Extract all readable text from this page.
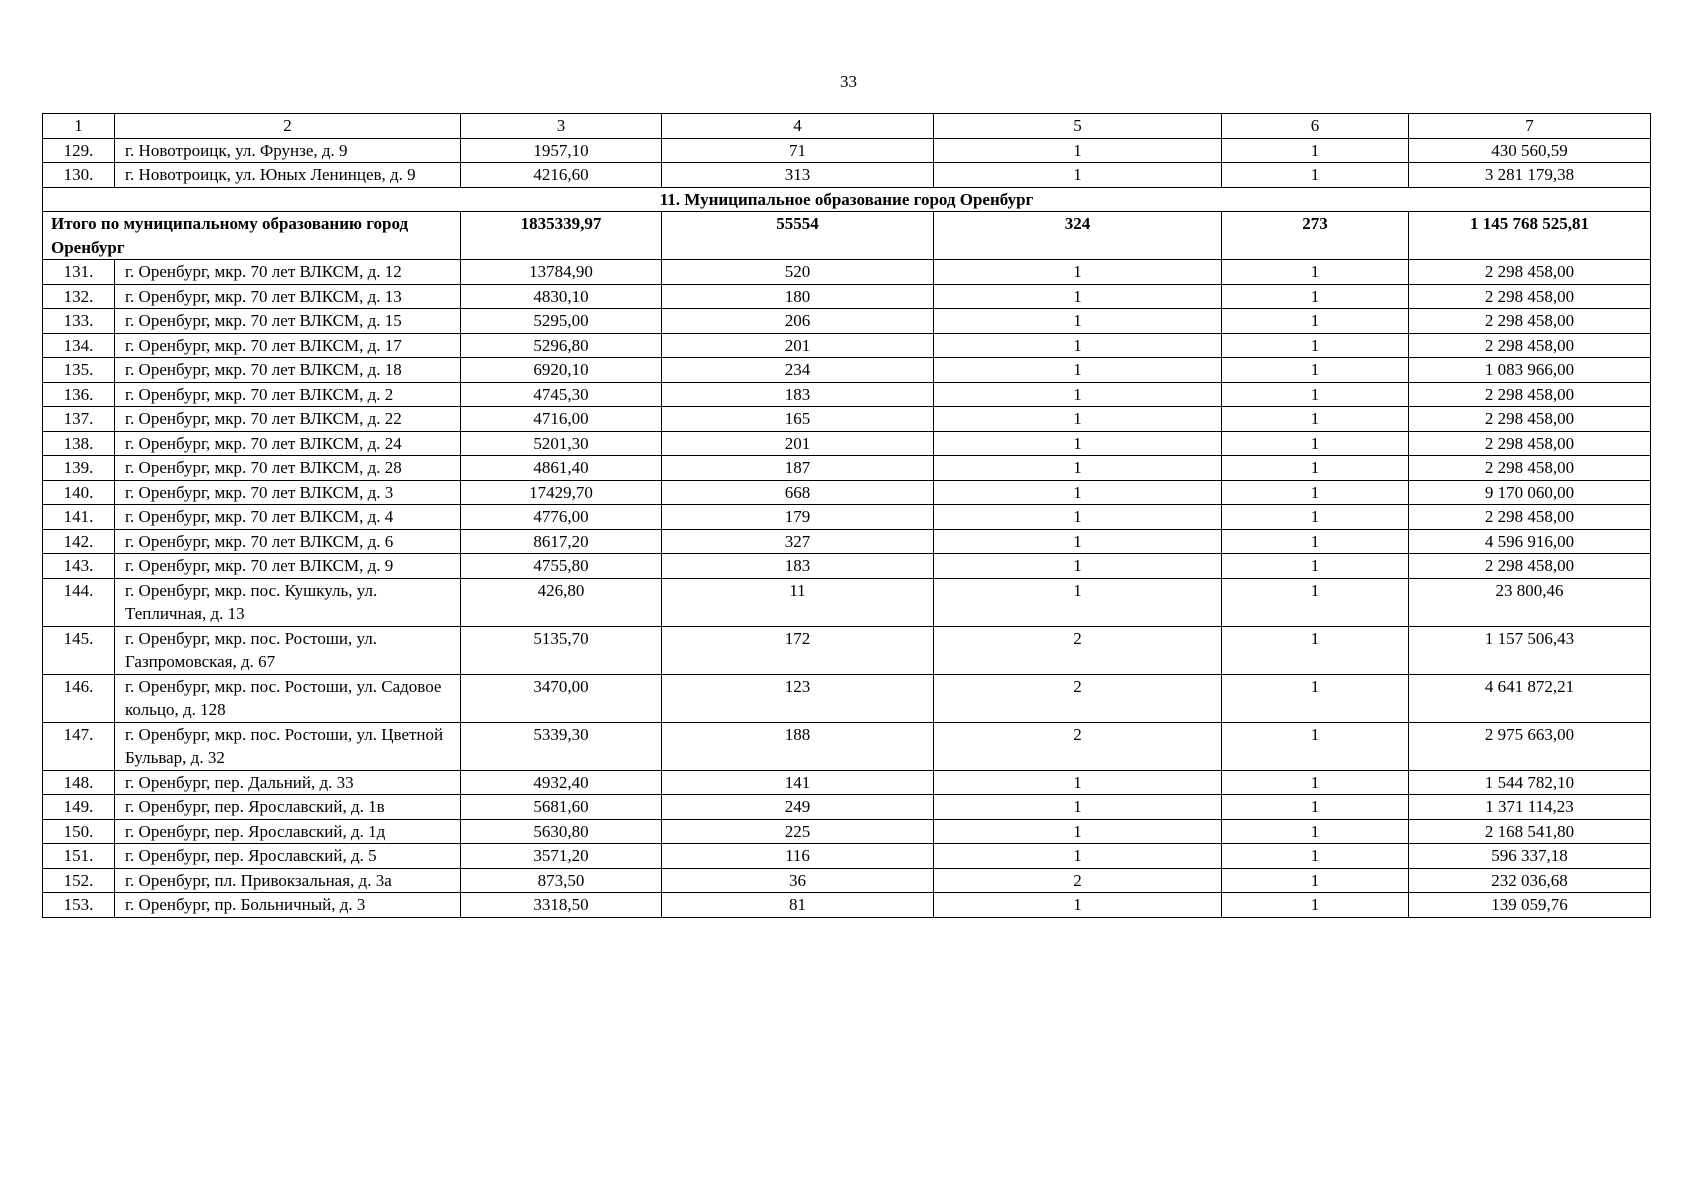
33
1	2	3	4	5	6	7
129.	г. Новотроицк, ул. Фрунзе, д. 9	1957,10	71	1	1	430 560,59
130.	г. Новотроицк, ул. Юных Ленинцев, д. 9	4216,60	313	1	1	3 281 179,38
11. Муниципальное образование город Оренбург						
Итого по муниципальному образованию город Оренбург		1835339,97	55554	324	273	1 145 768 525,81
131.	г. Оренбург, мкр. 70 лет ВЛКСМ, д. 12	13784,90	520	1	1	2 298 458,00
132.	г. Оренбург, мкр. 70 лет ВЛКСМ, д. 13	4830,10	180	1	1	2 298 458,00
133.	г. Оренбург, мкр. 70 лет ВЛКСМ, д. 15	5295,00	206	1	1	2 298 458,00
134.	г. Оренбург, мкр. 70 лет ВЛКСМ, д. 17	5296,80	201	1	1	2 298 458,00
135.	г. Оренбург, мкр. 70 лет ВЛКСМ, д. 18	6920,10	234	1	1	1 083 966,00
136.	г. Оренбург, мкр. 70 лет ВЛКСМ, д. 2	4745,30	183	1	1	2 298 458,00
137.	г. Оренбург, мкр. 70 лет ВЛКСМ, д. 22	4716,00	165	1	1	2 298 458,00
138.	г. Оренбург, мкр. 70 лет ВЛКСМ, д. 24	5201,30	201	1	1	2 298 458,00
139.	г. Оренбург, мкр. 70 лет ВЛКСМ, д. 28	4861,40	187	1	1	2 298 458,00
140.	г. Оренбург, мкр. 70 лет ВЛКСМ, д. 3	17429,70	668	1	1	9 170 060,00
141.	г. Оренбург, мкр. 70 лет ВЛКСМ, д. 4	4776,00	179	1	1	2 298 458,00
142.	г. Оренбург, мкр. 70 лет ВЛКСМ, д. 6	8617,20	327	1	1	4 596 916,00
143.	г. Оренбург, мкр. 70 лет ВЛКСМ, д. 9	4755,80	183	1	1	2 298 458,00
144.	г. Оренбург, мкр. пос. Кушкуль, ул. Тепличная, д. 13	426,80	11	1	1	23 800,46
145.	г. Оренбург, мкр. пос. Ростоши, ул. Газпромовская, д. 67	5135,70	172	2	1	1 157 506,43
146.	г. Оренбург, мкр. пос. Ростоши, ул. Садовое кольцо, д. 128	3470,00	123	2	1	4 641 872,21
147.	г. Оренбург, мкр. пос. Ростоши, ул. Цветной Бульвар, д. 32	5339,30	188	2	1	2 975 663,00
148.	г. Оренбург, пер. Дальний, д. 33	4932,40	141	1	1	1 544 782,10
149.	г. Оренбург, пер. Ярославский, д. 1в	5681,60	249	1	1	1 371 114,23
150.	г. Оренбург, пер. Ярославский, д. 1д	5630,80	225	1	1	2 168 541,80
151.	г. Оренбург, пер. Ярославский, д. 5	3571,20	116	1	1	596 337,18
152.	г. Оренбург, пл. Привокзальная, д. 3а	873,50	36	2	1	232 036,68
153.	г. Оренбург, пр. Больничный, д. 3	3318,50	81	1	1	139 059,76
